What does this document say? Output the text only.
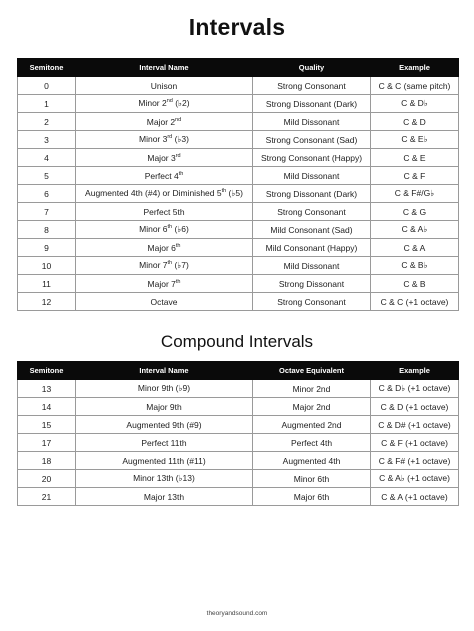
Intervals
Semitone	Interval Name	Quality	Example
0	Unison	Strong Consonant	C & C (same pitch)
1	Minor 2nd (♭2)	Strong Dissonant (Dark)	C & D♭
2	Major 2nd	Mild Dissonant	C & D
3	Minor 3rd (♭3)	Strong Consonant (Sad)	C & E♭
4	Major 3rd	Strong Consonant (Happy)	C & E
5	Perfect 4th	Mild Dissonant	C & F
6	Augmented 4th (#4) or Diminished 5th (♭5)	Strong Dissonant (Dark)	C & F#/G♭
7	Perfect 5th	Strong Consonant	C & G
8	Minor 6th (♭6)	Mild Consonant (Sad)	C & A♭
9	Major 6th	Mild Consonant (Happy)	C & A
10	Minor 7th (♭7)	Mild Dissonant	C & B♭
11	Major 7th	Strong Dissonant	C & B
12	Octave	Strong Consonant	C & C (+1 octave)
Compound Intervals
Semitone	Interval Name	Octave Equivalent	Example
13	Minor 9th (♭9)	Minor 2nd	C & D♭ (+1 octave)
14	Major 9th	Major 2nd	C & D (+1 octave)
15	Augmented 9th (#9)	Augmented 2nd	C & D# (+1 octave)
17	Perfect 11th	Perfect 4th	C & F (+1 octave)
18	Augmented 11th (#11)	Augmented 4th	C & F# (+1 octave)
20	Minor 13th (♭13)	Minor 6th	C & A♭ (+1 octave)
21	Major 13th	Major 6th	C & A (+1 octave)
theoryandsound.com
